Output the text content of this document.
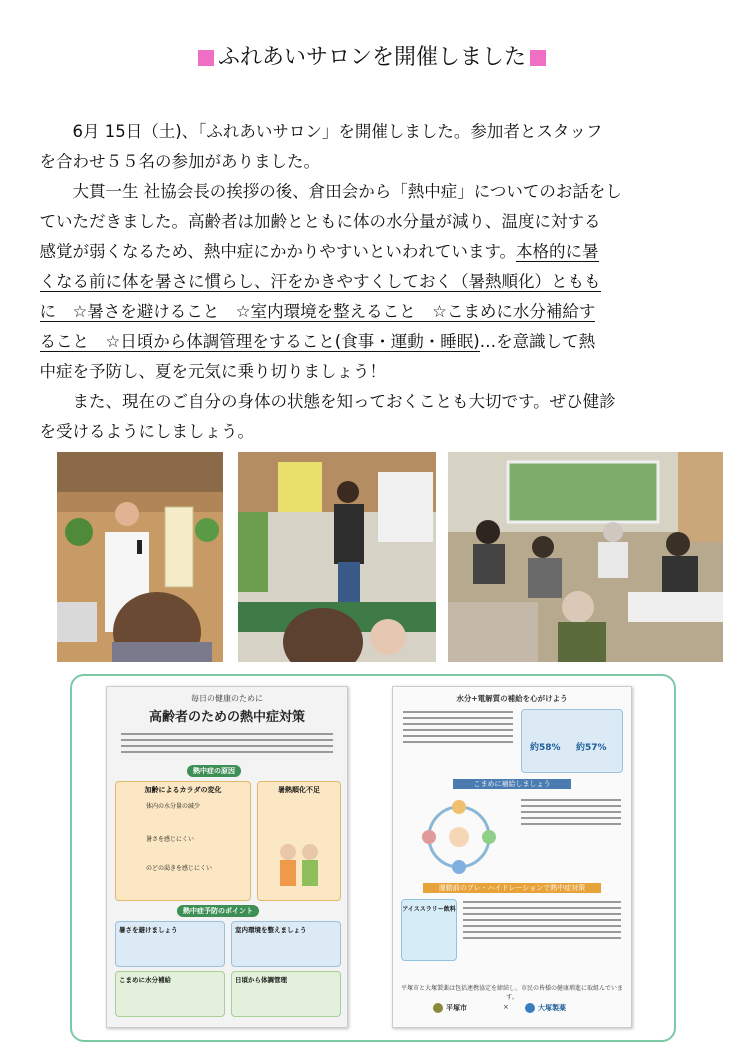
ふれあいサロンを開催しました

6月 15日（土)、「ふれあいサロン」を開催しました。参加者とスタッフ
を合わせ５５名の参加がありました。

大貫一生 社協会長の挨拶の後、倉田会から「熱中症」についてのお話をし
ていただきました。高齢者は加齢とともに体の水分量が減り、温度に対する
感覚が弱くなるため、熱中症にかかりやすいといわれています。本格的に暑
くなる前に体を暑さに慣らし、汗をかきやすくしておく（暑熱順化）ともも
に　☆暑さを避けること　☆室内環境を整えること　☆こまめに水分補給す
ること　☆日頃から体調管理をすること(食事・運動・睡眠)…を意識して熱
中症を予防し、夏を元気に乗り切りましょう！

また、現在のご自分の身体の状態を知っておくことも大切です。ぜひ健診
を受けるようにしましょう。

毎日の健康のために
高齢者のための熱中症対策
熱中症の原因
加齢によるカラダの変化
体内の水分量の減少
暑さを感じにくい
のどの渇きを感じにくい
暑熱順化不足
熱中症予防のポイント
暑さを避けましょう	室内環境を整えましょう
こまめに水分補給	日頃から体調管理
水分+電解質の補給を心がけよう
約58% 約57%
こまめに補給しましょう
運動前のプレ・ハイドレーションで熱中症対策
アイススラリー飲料
平塚市と大塚製薬は包括連携協定を締結し、市民の皆様の健康増進に取組んでいます。
平塚市	×	大塚製薬
